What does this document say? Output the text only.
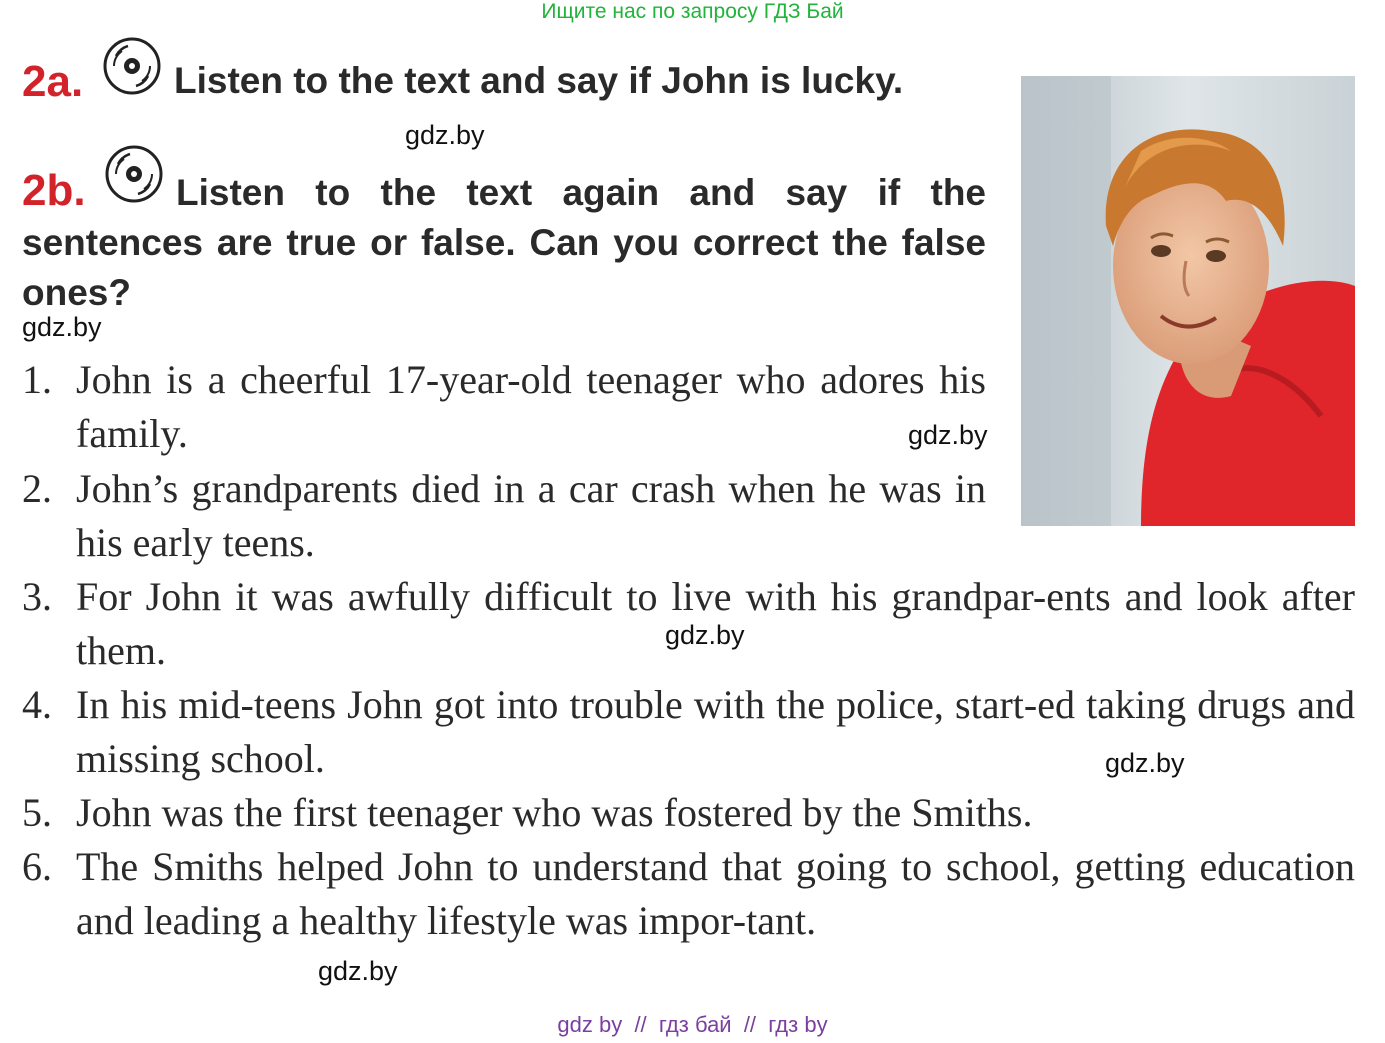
Ищите нас по запросу ГДЗ Бай
2a. Listen to the text and say if John is lucky.
gdz.by
2b.	Listen to the text again and say if the sentences are true or false. Can you correct the false ones?
gdz.by
gdz.by
1. John is a cheerful 17-year-old teenager who adores his family.
2. John’s grandparents died in a car crash when he was in his early teens.
3. For John it was awfully difficult to live with his grandpar-ents and look after them.	gdz.by
4. In his mid-teens John got into trouble with the police, start-ed taking drugs and missing school.	gdz.by
5. John was the first teenager who was fostered by the Smiths.
6. The Smiths helped John to understand that going to school, getting education and leading a healthy lifestyle was impor-tant.
gdz.by
gdz by  //  гдз бай  //  гдз by
